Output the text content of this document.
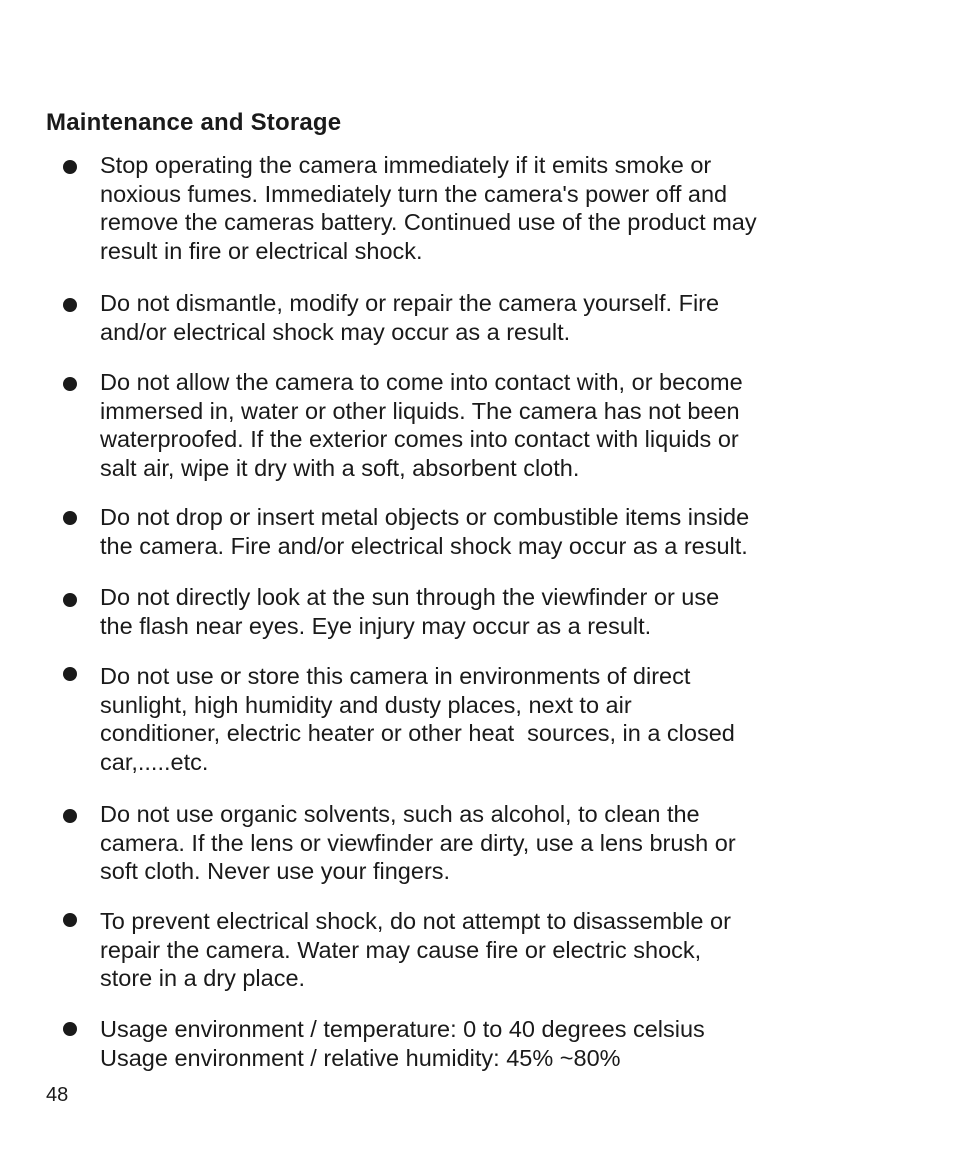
Maintenance and Storage
Stop operating the camera immediately if it emits smoke or
noxious fumes. Immediately turn the camera's power off and
remove the cameras battery. Continued use of the product may
result in fire or electrical shock.
Do not dismantle, modify or repair the camera yourself. Fire
and/or electrical shock may occur as a result.
Do not allow the camera to come into contact with, or become
immersed in, water or other liquids. The camera has not been
waterproofed. If the exterior comes into contact with liquids or
salt air, wipe it dry with a soft, absorbent cloth.
Do not drop or insert metal objects or combustible items inside
the camera. Fire and/or electrical shock may occur as a result.
Do not directly look at the sun through the viewfinder or use
the flash near eyes. Eye injury may occur as a result.
Do not use or store this camera in environments of direct
sunlight, high humidity and dusty places, next to air
conditioner, electric heater or other heat  sources, in a closed
car,.....etc.
Do not use organic solvents, such as alcohol, to clean the
camera. If the lens or viewfinder are dirty, use a lens brush or
soft cloth. Never use your fingers.
To prevent electrical shock, do not attempt to disassemble or
repair the camera. Water may cause fire or electric shock,
store in a dry place.
Usage environment / temperature: 0 to 40 degrees celsius
Usage environment / relative humidity: 45% ~80%
48
